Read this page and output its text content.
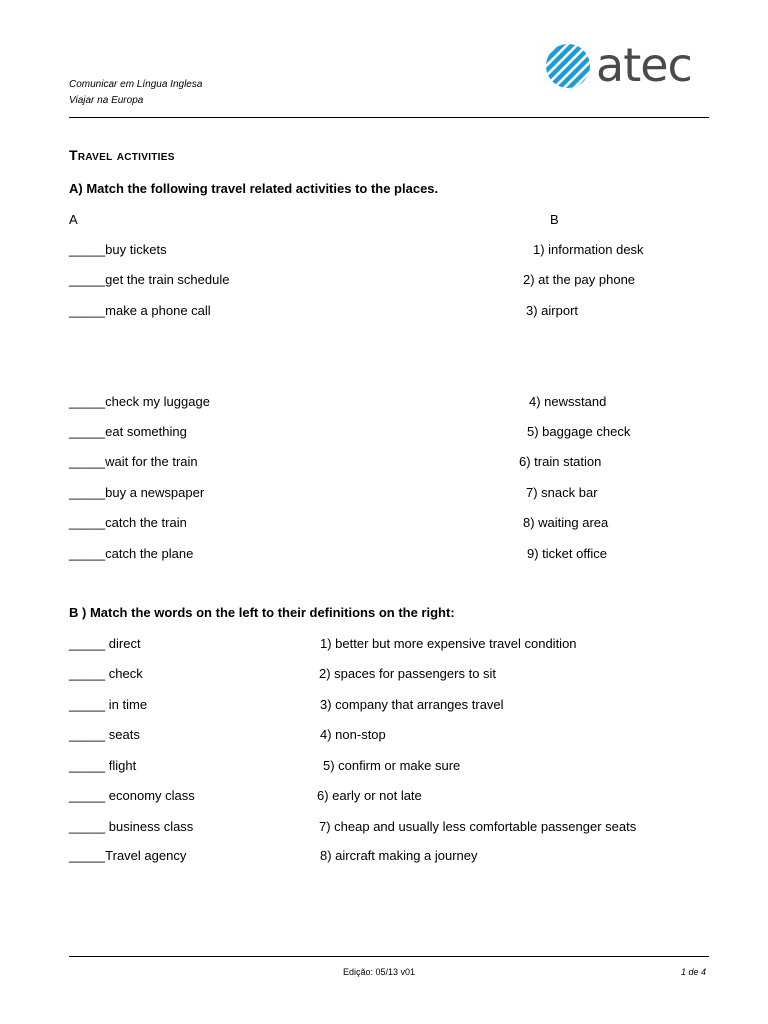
Comunicar em Língua Inglesa
Viajar na Europa
atec
Travel activities
A) Match the following travel related activities to the places.
A	B
_____buy tickets
_____get the train schedule
_____make a phone call
_____check my luggage
_____eat something
_____wait for the train
_____buy a newspaper
_____catch the train
_____catch the plane
1) information desk
2) at the pay phone
3) airport
4) newsstand
5) baggage check
6) train station
7) snack bar
8) waiting area
9) ticket office
B ) Match the words on the left to their definitions on the right:
_____ direct
_____ check
_____ in time
_____ seats
_____ flight
_____ economy class
_____ business class
_____Travel agency
1) better but more expensive travel condition
2) spaces for passengers to sit
3) company that arranges travel
4) non-stop
5) confirm or make sure
6) early or not late
7) cheap and usually less comfortable passenger seats
8) aircraft making a journey
Edição: 05/13 v01	1 de 4
